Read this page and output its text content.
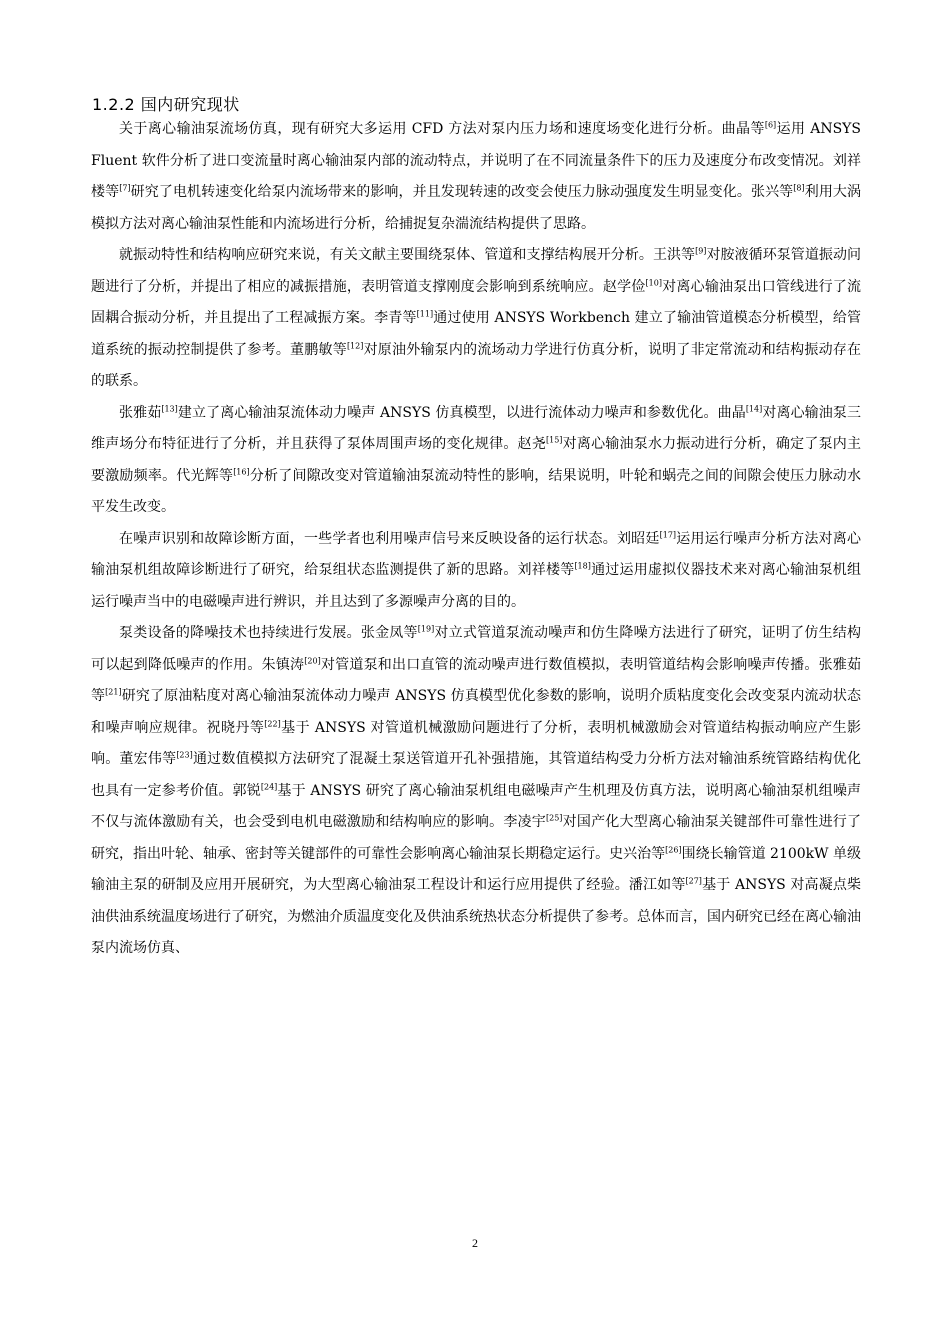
1.2.2 国内研究现状

关于离心输油泵流场仿真，现有研究大多运用 CFD 方法对泵内压力场和速度场变化进行分析。曲晶等[6]运用 ANSYS Fluent 软件分析了进口变流量时离心输油泵内部的流动特点，并说明了在不同流量条件下的压力及速度分布改变情况。刘祥楼等[7]研究了电机转速变化给泵内流场带来的影响，并且发现转速的改变会使压力脉动强度发生明显变化。张兴等[8]利用大涡模拟方法对离心输油泵性能和内流场进行分析，给捕捉复杂湍流结构提供了思路。

就振动特性和结构响应研究来说，有关文献主要围绕泵体、管道和支撑结构展开分析。王洪等[9]对胺液循环泵管道振动问题进行了分析，并提出了相应的减振措施，表明管道支撑刚度会影响到系统响应。赵学俭[10]对离心输油泵出口管线进行了流固耦合振动分析，并且提出了工程减振方案。李青等[11]通过使用 ANSYS Workbench 建立了输油管道模态分析模型，给管道系统的振动控制提供了参考。董鹏敏等[12]对原油外输泵内的流场动力学进行仿真分析，说明了非定常流动和结构振动存在的联系。

张雅茹[13]建立了离心输油泵流体动力噪声 ANSYS 仿真模型，以进行流体动力噪声和参数优化。曲晶[14]对离心输油泵三维声场分布特征进行了分析，并且获得了泵体周围声场的变化规律。赵尧[15]对离心输油泵水力振动进行分析，确定了泵内主要激励频率。代光辉等[16]分析了间隙改变对管道输油泵流动特性的影响，结果说明，叶轮和蜗壳之间的间隙会使压力脉动水平发生改变。

在噪声识别和故障诊断方面，一些学者也利用噪声信号来反映设备的运行状态。刘昭廷[17]运用运行噪声分析方法对离心输油泵机组故障诊断进行了研究，给泵组状态监测提供了新的思路。刘祥楼等[18]通过运用虚拟仪器技术来对离心输油泵机组运行噪声当中的电磁噪声进行辨识，并且达到了多源噪声分离的目的。

泵类设备的降噪技术也持续进行发展。张金凤等[19]对立式管道泵流动噪声和仿生降噪方法进行了研究，证明了仿生结构可以起到降低噪声的作用。朱镇涛[20]对管道泵和出口直管的流动噪声进行数值模拟，表明管道结构会影响噪声传播。张雅茹等[21]研究了原油粘度对离心输油泵流体动力噪声 ANSYS 仿真模型优化参数的影响，说明介质粘度变化会改变泵内流动状态和噪声响应规律。祝晓丹等[22]基于 ANSYS 对管道机械激励问题进行了分析，表明机械激励会对管道结构振动响应产生影响。董宏伟等[23]通过数值模拟方法研究了混凝土泵送管道开孔补强措施，其管道结构受力分析方法对输油系统管路结构优化也具有一定参考价值。郭锐[24]基于 ANSYS 研究了离心输油泵机组电磁噪声产生机理及仿真方法，说明离心输油泵机组噪声不仅与流体激励有关，也会受到电机电磁激励和结构响应的影响。李凌宇[25]对国产化大型离心输油泵关键部件可靠性进行了研究，指出叶轮、轴承、密封等关键部件的可靠性会影响离心输油泵长期稳定运行。史兴治等[26]围绕长输管道 2100kW 单级输油主泵的研制及应用开展研究，为大型离心输油泵工程设计和运行应用提供了经验。潘江如等[27]基于 ANSYS 对高凝点柴油供油系统温度场进行了研究，为燃油介质温度变化及供油系统热状态分析提供了参考。总体而言，国内研究已经在离心输油泵内流场仿真、

2
